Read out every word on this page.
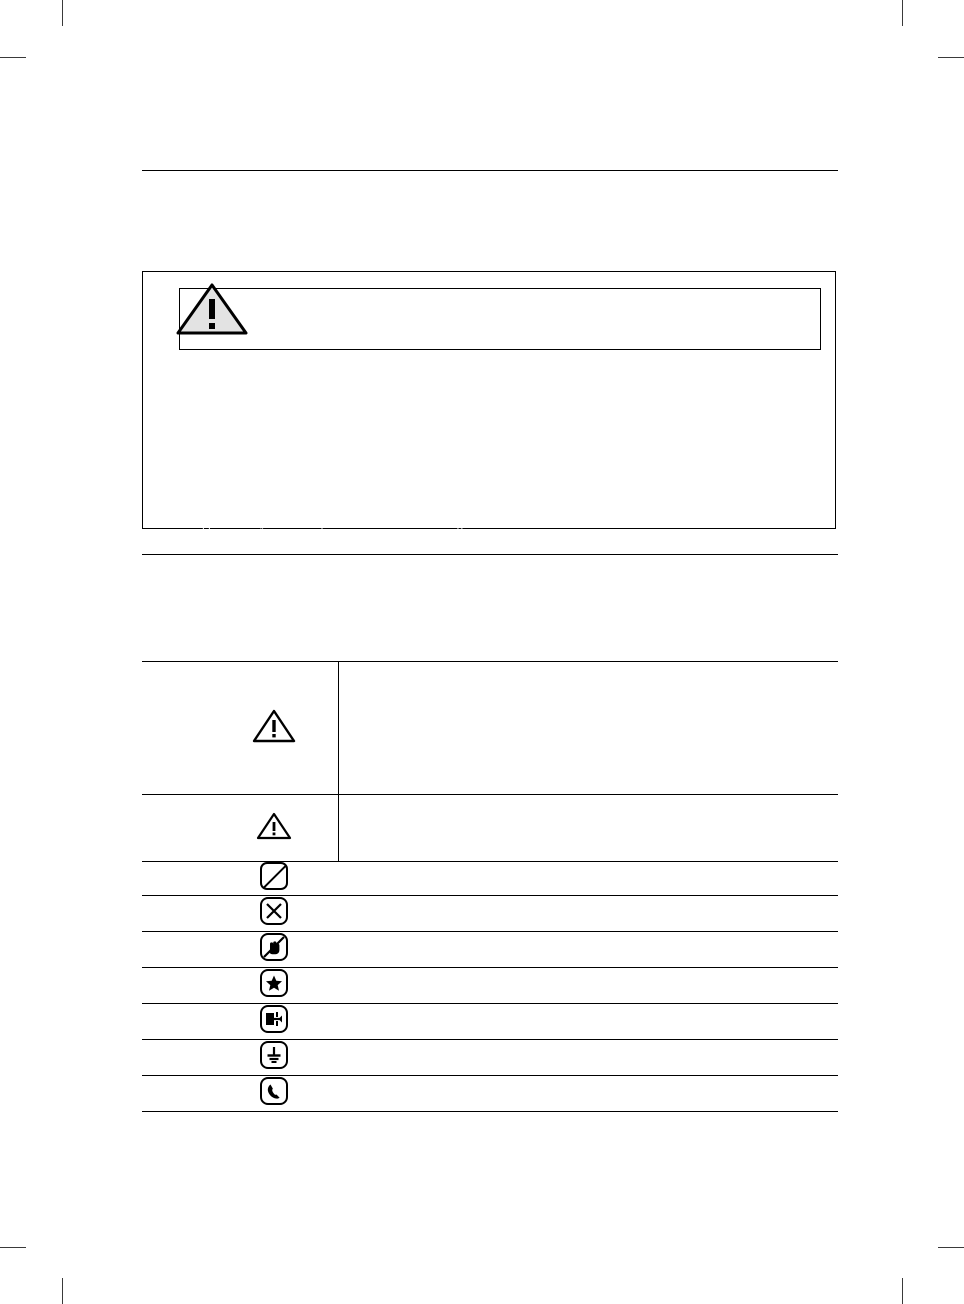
Safety information
WARNING

This appliance contains a small amount of isobutane refrigerant (R600a), a natural gas with high environmental compatibility, but it is also combustible. When transporting and installing the appliance, care should be taken to ensure that no parts of the refrigerating circuit are damaged.

Refrigerant squirting out of the pipes could ignite or cause an eye injury. If a leak is detected, avoid any naked flames or potential sources of ignition and air the room in which the appliance is standing for several minutes.

In order to avoid the creation of a flammable gas air mixture if a leak in the refrigerating circuit occurs, the size of the room in which the appliance may be sited depends on the amount of refrigerant used.

Important safety symbols and precautions
Please follow all safety instructions in this manual carefully. This manual uses the following safety symbols.
		WARNING Hazards or unsafe practices that may result in severe personal injury, property damage, and/or death.
		CAUTION Hazards or unsafe practices that may result in personal injury and/or property damage.

	Do NOT attempt.
		Do NOT disassemble.
		Do NOT touch.
		Follow directions explicitly.
		Unplug the power plug from the wall socket.
		Make sure the machine is grounded to prevent electric shock.
		Call the service center for help.
